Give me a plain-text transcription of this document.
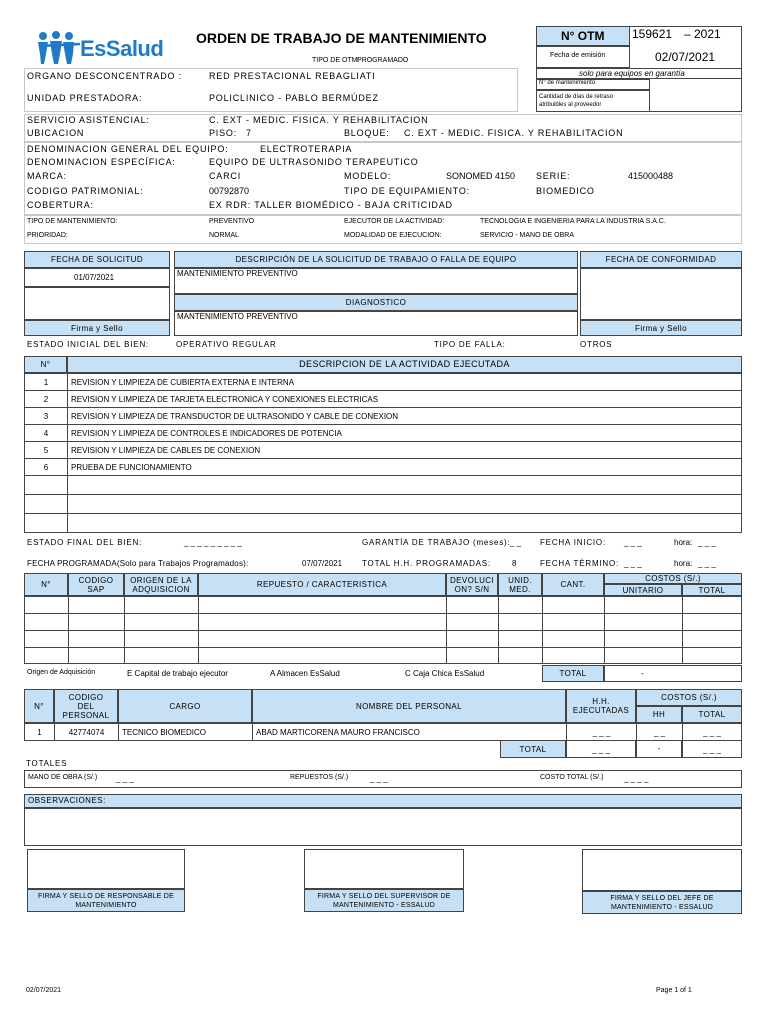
EsSalud ORDEN DE TRABAJO DE MANTENIMIENTO
TIPO DE OTM:
PROGRAMADO
N° OTM 159621 – 2021
Fecha de emisión	02/07/2021
solo para equipos en garantía
N° de mantenimiento
Cantidad de días de retraso atribuibles al proveedor
ORGANO DESCONCENTRADO :	RED PRESTACIONAL REBAGLIATI
UNIDAD PRESTADORA:	POLICLINICO - PABLO BERMÚDEZ
SERVICIO ASISTENCIAL:	C. EXT - MEDIC. FISICA. Y REHABILITACION
UBICACION	PISO: 7	BLOQUE: C. EXT - MEDIC. FISICA. Y REHABILITACION
DENOMINACION GENERAL DEL EQUIPO:	ELECTROTERAPIA
DENOMINACION ESPECÍFICA:	EQUIPO DE ULTRASONIDO TERAPEUTICO
MARCA:	CARCI	MODELO:	SONOMED 4150 SERIE:	415000488
CODIGO PATRIMONIAL:	00792870	TIPO DE EQUIPAMIENTO:	BIOMEDICO
COBERTURA:	EX RDR: TALLER BIOMÉDICO - BAJA CRITICIDAD
TIPO DE MANTENIMIENTO:	PREVENTIVO	EJECUTOR DE LA ACTIVIDAD:	TECNOLOGIA E INGENIERIA PARA LA INDUSTRIA S.A.C.
PRIORIDAD:	NORMAL	MODALIDAD DE EJECUCION:	SERVICIO - MANO DE OBRA
FECHA DE SOLICITUD
01/07/2021
Firma y Sello
DESCRIPCIÓN DE LA SOLICITUD DE TRABAJO O FALLA DE EQUIPO
MANTENIMIENTO PREVENTIVO
DIAGNOSTICO
MANTENIMIENTO PREVENTIVO
FECHA DE CONFORMIDAD
Firma y Sello
ESTADO INICIAL DEL BIEN:	OPERATIVO REGULAR	TIPO DE FALLA:	OTROS
N°	DESCRIPCION DE LA ACTIVIDAD EJECUTADA
1	REVISION Y LIMPIEZA DE CUBIERTA EXTERNA E INTERNA
2	REVISION Y LIMPIEZA DE TARJETA ELECTRONICA Y CONEXIONES ELECTRICAS
3	REVISION Y LIMPIEZA DE TRANSDUCTOR DE ULTRASONIDO Y CABLE DE CONEXION
4	REVISION Y LIMPIEZA DE CONTROLES E INDICADORES DE POTENCIA
5	REVISION Y LIMPIEZA DE CABLES DE CONEXION
6	PRUEBA DE FUNCIONAMIENTO

ESTADO FINAL DEL BIEN:	_ _ _ _ _ _ _ _ _	GARANTÍA DE TRABAJO (meses): _ _ FECHA INICIO: _ _ _	hora: _ _ _
FECHA PROGRAMADA(Solo para Trabajos Programados):	07/07/2021 TOTAL H.H. PROGRAMADAS:	8	FECHA TÉRMINO: _ _ _	hora: _ _ _
N°	CODIGO SAP
ORIGEN DE LA ADQUISICION	REPUESTO / CARACTERISTICA	DEVOLUCI ON? S/N
UNID. MED.	CANT.
COSTOS (S/.)
UNITARIO	TOTAL

Origen de Adquisición	E Capital de trabajo ejecutor	A Almacen EsSalud	C Caja Chica EsSalud	TOTAL	-
N°
CODIGO DEL PERSONAL
CARGO	NOMBRE DEL PERSONAL	H.H. EJECUTADAS
COSTOS (S/.)
HH	TOTAL
1	42774074	TECNICO BIOMEDICO	ABAD MARTICORENA MAURO FRANCISCO	_ _ _	_ _	_ _ _
TOTAL	_ _ _	-	_ _ _
TOTALES
MANO DE OBRA (S/.) _ _ _	REPUESTOS (S/.)	_ _ _	COSTO TOTAL (S/.)	_ _ _ _
OBSERVACIONES:
FIRMA Y SELLO DE RESPONSABLE DE MANTENIMIENTO
FIRMA Y SELLO DEL SUPERVISOR DE MANTENIMIENTO - ESSALUD
FIRMA Y SELLO DEL JEFE DE MANTENIMIENTO - ESSALUD
02/07/2021	Page 1 of 1
